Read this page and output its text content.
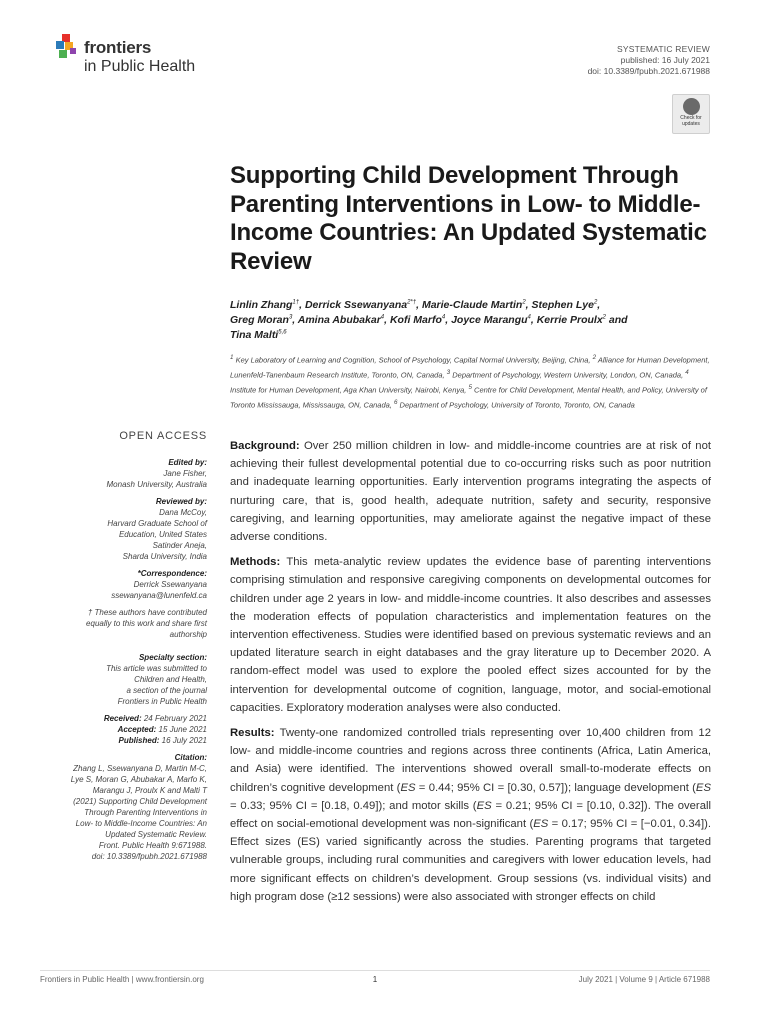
frontiers
in Public Health
SYSTEMATIC REVIEW
published: 16 July 2021
doi: 10.3389/fpubh.2021.671988
Check for
updates
Supporting Child Development Through Parenting Interventions in Low- to Middle-Income Countries: An Updated Systematic Review
Linlin Zhang$^{1\dagger}$, Derrick Ssewanyana$^{2*\dagger}$, Marie-Claude Martin$^2$, Stephen Lye$^2$,
Greg Moran$^3$, Amina Abubakar$^4$, Kofi Marfo$^4$, Joyce Marangu$^4$, Kerrie Proulx$^2$ and
Tina Malti$^{5,6}$
$^1$ Key Laboratory of Learning and Cognition, School of Psychology, Capital Normal University, Beijing, China, $^2$ Alliance for Human Development, Lunenfeld-Tanenbaum Research Institute, Toronto, ON, Canada, $^3$ Department of Psychology, Western University, London, ON, Canada, $^4$ Institute for Human Development, Aga Khan University, Nairobi, Kenya, $^5$ Centre for Child Development, Mental Health, and Policy, University of Toronto Mississauga, Mississauga, ON, Canada, $^6$ Department of Psychology, University of Toronto, Toronto, ON, Canada
OPEN ACCESS

Edited by:

Jane Fisher,

Monash University, Australia

Reviewed by:

Dana McCoy,

Harvard Graduate School of

Education, United States

Satinder Aneja,

Sharda University, India

*Correspondence:

Derrick Ssewanyana

ssewanyana@lunenfeld.ca

† These authors have contributed

equally to this work and share first

authorship

Specialty section:

This article was submitted to

Children and Health,

a section of the journal

Frontiers in Public Health

Received: 24 February 2021

Accepted: 15 June 2021

Published: 16 July 2021

Citation:

Zhang L, Ssewanyana D, Martin M-C,

Lye S, Moran G, Abubakar A, Marfo K,

Marangu J, Proulx K and Malti T

(2021) Supporting Child Development

Through Parenting Interventions in

Low- to Middle-Income Countries: An

Updated Systematic Review.

Front. Public Health 9:671988.

doi: 10.3389/fpubh.2021.671988

Background: Over 250 million children in low- and middle-income countries are at risk of not achieving their fullest developmental potential due to co-occurring risks such as poor nutrition and inadequate learning opportunities. Early intervention programs integrating the aspects of nurturing care, that is, good health, adequate nutrition, safety and security, responsive caregiving, and learning opportunities, may ameliorate against the negative impact of these adverse conditions.
Methods: This meta-analytic review updates the evidence base of parenting interventions comprising stimulation and responsive caregiving components on developmental outcomes for children under age 2 years in low- and middle-income countries. It also describes and assesses the moderation effects of population characteristics and implementation features on the intervention effectiveness. Studies were identified based on previous systematic reviews and an updated literature search in eight databases and the gray literature up to December 2020. A random-effect model was used to explore the pooled effect sizes accounted for by the intervention for developmental outcome of cognition, language, motor, and social-emotional capacities. Exploratory moderation analyses were also conducted.
Results: Twenty-one randomized controlled trials representing over 10,400 children from 12 low- and middle-income countries and regions across three continents (Africa, Latin America, and Asia) were identified. The interventions showed overall small-to-moderate effects on children’s cognitive development (ES = 0.44; 95% CI = [0.30, 0.57]); language development (ES = 0.33; 95% CI = [0.18, 0.49]); and motor skills (ES = 0.21; 95% CI = [0.10, 0.32]). The overall effect on social-emotional development was non-significant (ES = 0.17; 95% CI = [−0.01, 0.34]). Effect sizes (ES) varied significantly across the studies. Parenting programs that targeted vulnerable groups, including rural communities and caregivers with lower education levels, had more significant effects on children’s development. Group sessions (vs. individual visits) and high program dose (≥12 sessions) were also associated with stronger effects on child
Frontiers in Public Health | www.frontiersin.org	1	July 2021 | Volume 9 | Article 671988
